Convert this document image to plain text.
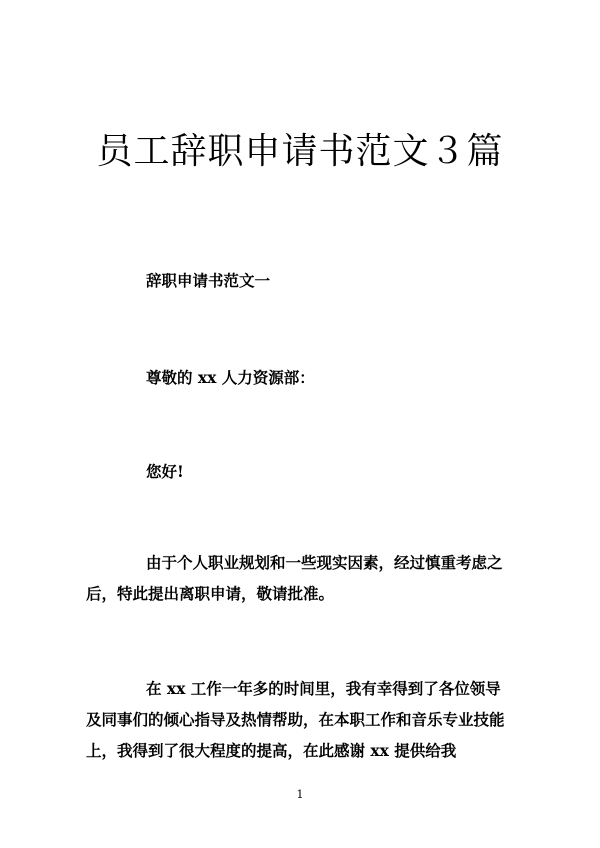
员工辞职申请书范文３篇

辞职申请书范文一

尊敬的 xx 人力资源部：

您好!

由于个人职业规划和一些现实因素，经过慎重考虑之后，特此提出离职申请，敬请批准。

在 xx 工作一年多的时间里，我有幸得到了各位领导及同事们的倾心指导及热情帮助，在本职工作和音乐专业技能上，我得到了很大程度的提高，在此感谢 xx 提供给我

1
